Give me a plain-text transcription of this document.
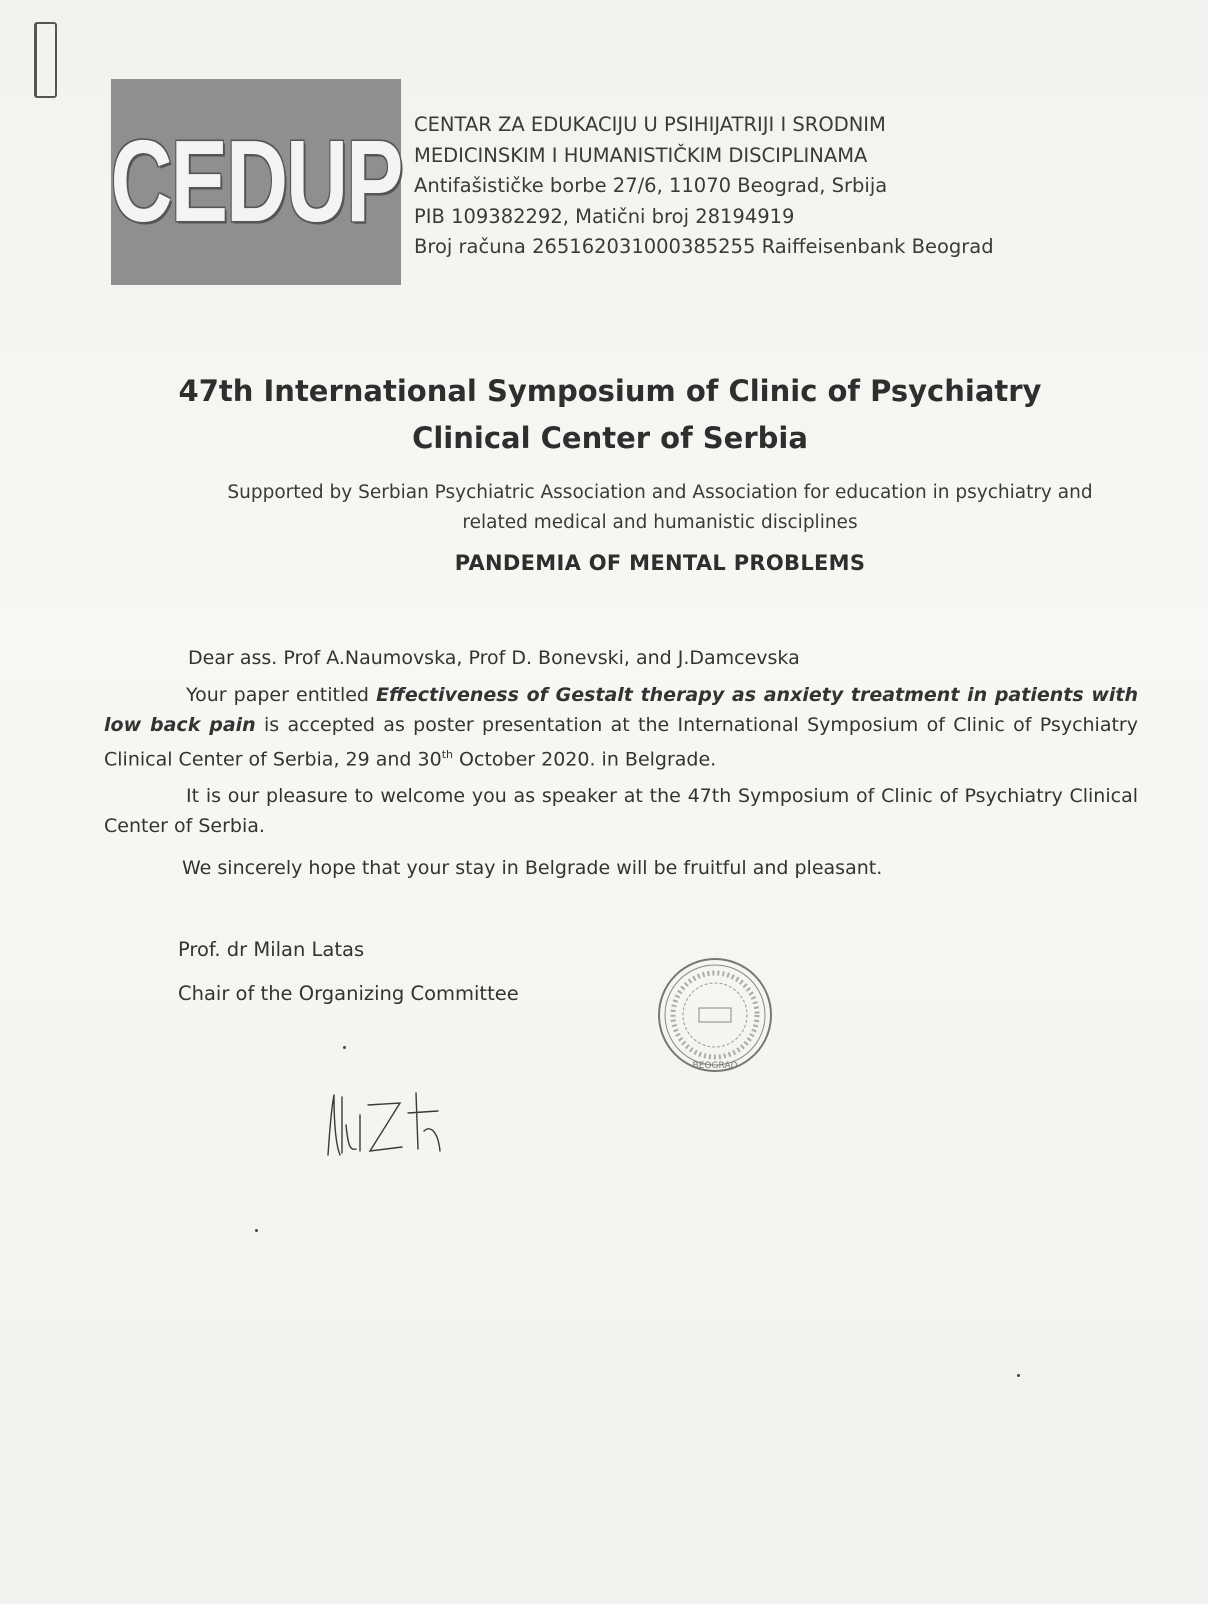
CEDUP CENTAR ZA EDUKACIJU U PSIHIJATRIJI I SRODNIM
MEDICINSKIM I HUMANISTIČKIM DISCIPLINAMA
Antifašističke borbe 27/6, 11070 Beograd, Srbija
PIB 109382292, Matični broj 28194919
Broj računa 265162031000385255 Raiffeisenbank Beograd
47th International Symposium of Clinic of Psychiatry
Clinical Center of Serbia
Supported by Serbian Psychiatric Association and Association for education in psychiatry and related medical and humanistic disciplines
PANDEMIA OF MENTAL PROBLEMS
Dear ass. Prof A.Naumovska, Prof D. Bonevski, and J.Damcevska
Your paper entitled Effectiveness of Gestalt therapy as anxiety treatment in patients with low back pain is accepted as poster presentation at the International Symposium of Clinic of Psychiatry Clinical Center of Serbia, 29 and 30th October 2020. in Belgrade.
It is our pleasure to welcome you as speaker at the 47th Symposium of Clinic of Psychiatry Clinical Center of Serbia.
We sincerely hope that your stay in Belgrade will be fruitful and pleasant.
Prof. dr Milan Latas
Chair of the Organizing Committee
BEOGRAD
